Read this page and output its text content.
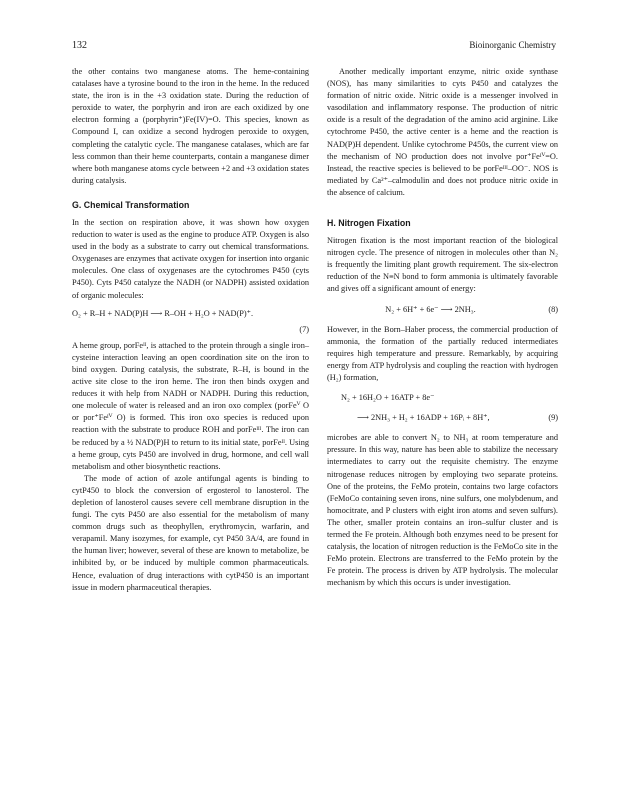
132	Bioinorganic Chemistry

the other contains two manganese atoms. The heme-containing catalases have a tyrosine bound to the iron in the heme. In the reduced state, the iron is in the +3 oxidation state. During the reduction of peroxide to water, the porphyrin and iron are each oxidized by one electron forming a (porphyrin⁺)Fe(IV)=O. This species, known as Compound I, can oxidize a second hydrogen peroxide to oxygen, completing the catalytic cycle. The manganese catalases, which are far less common than their heme counterparts, contain a manganese dimer where both manganese atoms cycle between +2 and +3 oxidation states during catalysis.

G. Chemical Transformation

In the section on respiration above, it was shown how oxygen reduction to water is used as the engine to produce ATP. Oxygen is also used in the body as a substrate to carry out chemical transformations. Oxygenases are enzymes that activate oxygen for insertion into organic molecules. One class of oxygenases are the cytochromes P450 (cyts P450). Cyts P450 catalyze the NADH (or NADPH) assisted oxidation of organic molecules:

O₂ + R–H + NAD(P)H ⟶ R–OH + H₂O + NAD(P)⁺.
(7)

A heme group, porFeᴵᴵ, is attached to the protein through a single iron–cysteine interaction leaving an open coordination site on the iron to bind oxygen. During catalysis, the substrate, R–H, is bound in the active site close to the iron heme. The iron then binds oxygen and reduces it with help from NADH or NADPH. During this reduction, one molecule of water is released and an iron oxo complex (porFeⱽ O or por⁺Feᴵⱽ O) is formed. This iron oxo species is reduced upon reaction with the substrate to produce ROH and porFeᴵᴵᴵ. The iron can be reduced by a ½ NAD(P)H to return to its initial state, porFeᴵᴵ. Using a heme group, cyts P450 are involved in drug, hormone, and cell wall metabolism and other biosynthetic reactions.

The mode of action of azole antifungal agents is binding to cytP450 to block the conversion of ergosterol to lanosterol. The depletion of lanosterol causes severe cell membrane disruption in the fungi. The cyts P450 are also essential for the metabolism of many common drugs such as theophyllen, erythromycin, warfarin, and verapamil. Many isozymes, for example, cyt P450 3A/4, are found in the human liver; however, several of these are known to metabolize, be inhibited by, or be induced by multiple common pharmaceuticals. Hence, evaluation of drug interactions with cytP450 is an important issue in modern pharmaceutical therapies.

Another medically important enzyme, nitric oxide synthase (NOS), has many similarities to cyts P450 and catalyzes the formation of nitric oxide. Nitric oxide is a messenger involved in vasodilation and inflammatory response. The production of nitric oxide is a result of the degradation of the amino acid arginine. Like cytochrome P450, the active center is a heme and the reaction is NAD(P)H dependent. Unlike cytochrome P450s, the current view on the mechanism of NO production does not involve por⁺Feᴵⱽ=O. Instead, the reactive species is believed to be porFeᴵᴵᴵ–OO⁻. NOS is mediated by Ca²⁺–calmodulin and does not produce nitric oxide in the absence of calcium.

H. Nitrogen Fixation

Nitrogen fixation is the most important reaction of the biological nitrogen cycle. The presence of nitrogen in molecules other than N₂ is frequently the limiting plant growth requirement. The six-electron reduction of the N≡N bond to form ammonia is ultimately favorable and gives off a significant amount of energy:

N₂ + 6H⁺ + 6e⁻ ⟶ 2NH₃.	(8)

However, in the Born–Haber process, the commercial production of ammonia, the formation of the partially reduced intermediates requires high temperature and pressure. Remarkably, by acquiring energy from ATP hydrolysis and coupling the reaction with hydrogen (H₂) formation,

N₂ + 16H₂O + 16ATP + 8e⁻
⟶ 2NH₃ + H₂ + 16ADP + 16Pᵢ + 8H⁺,	(9)

microbes are able to convert N₂ to NH₃ at room temperature and pressure. In this way, nature has been able to stabilize the necessary intermediates to carry out the requisite chemistry. The enzyme nitrogenase reduces nitrogen by employing two separate proteins. One of the proteins, the FeMo protein, contains two large cofactors (FeMoCo containing seven irons, nine sulfurs, one molybdenum, and homocitrate, and P clusters with eight iron atoms and seven sulfurs). The other, smaller protein contains an iron–sulfur cluster and is termed the Fe protein. Although both enzymes need to be present for catalysis, the location of nitrogen reduction is the FeMoCo site in the FeMo protein. Electrons are transferred to the FeMo protein by the Fe protein. The process is driven by ATP hydrolysis. The molecular mechanism by which this occurs is under investigation.
